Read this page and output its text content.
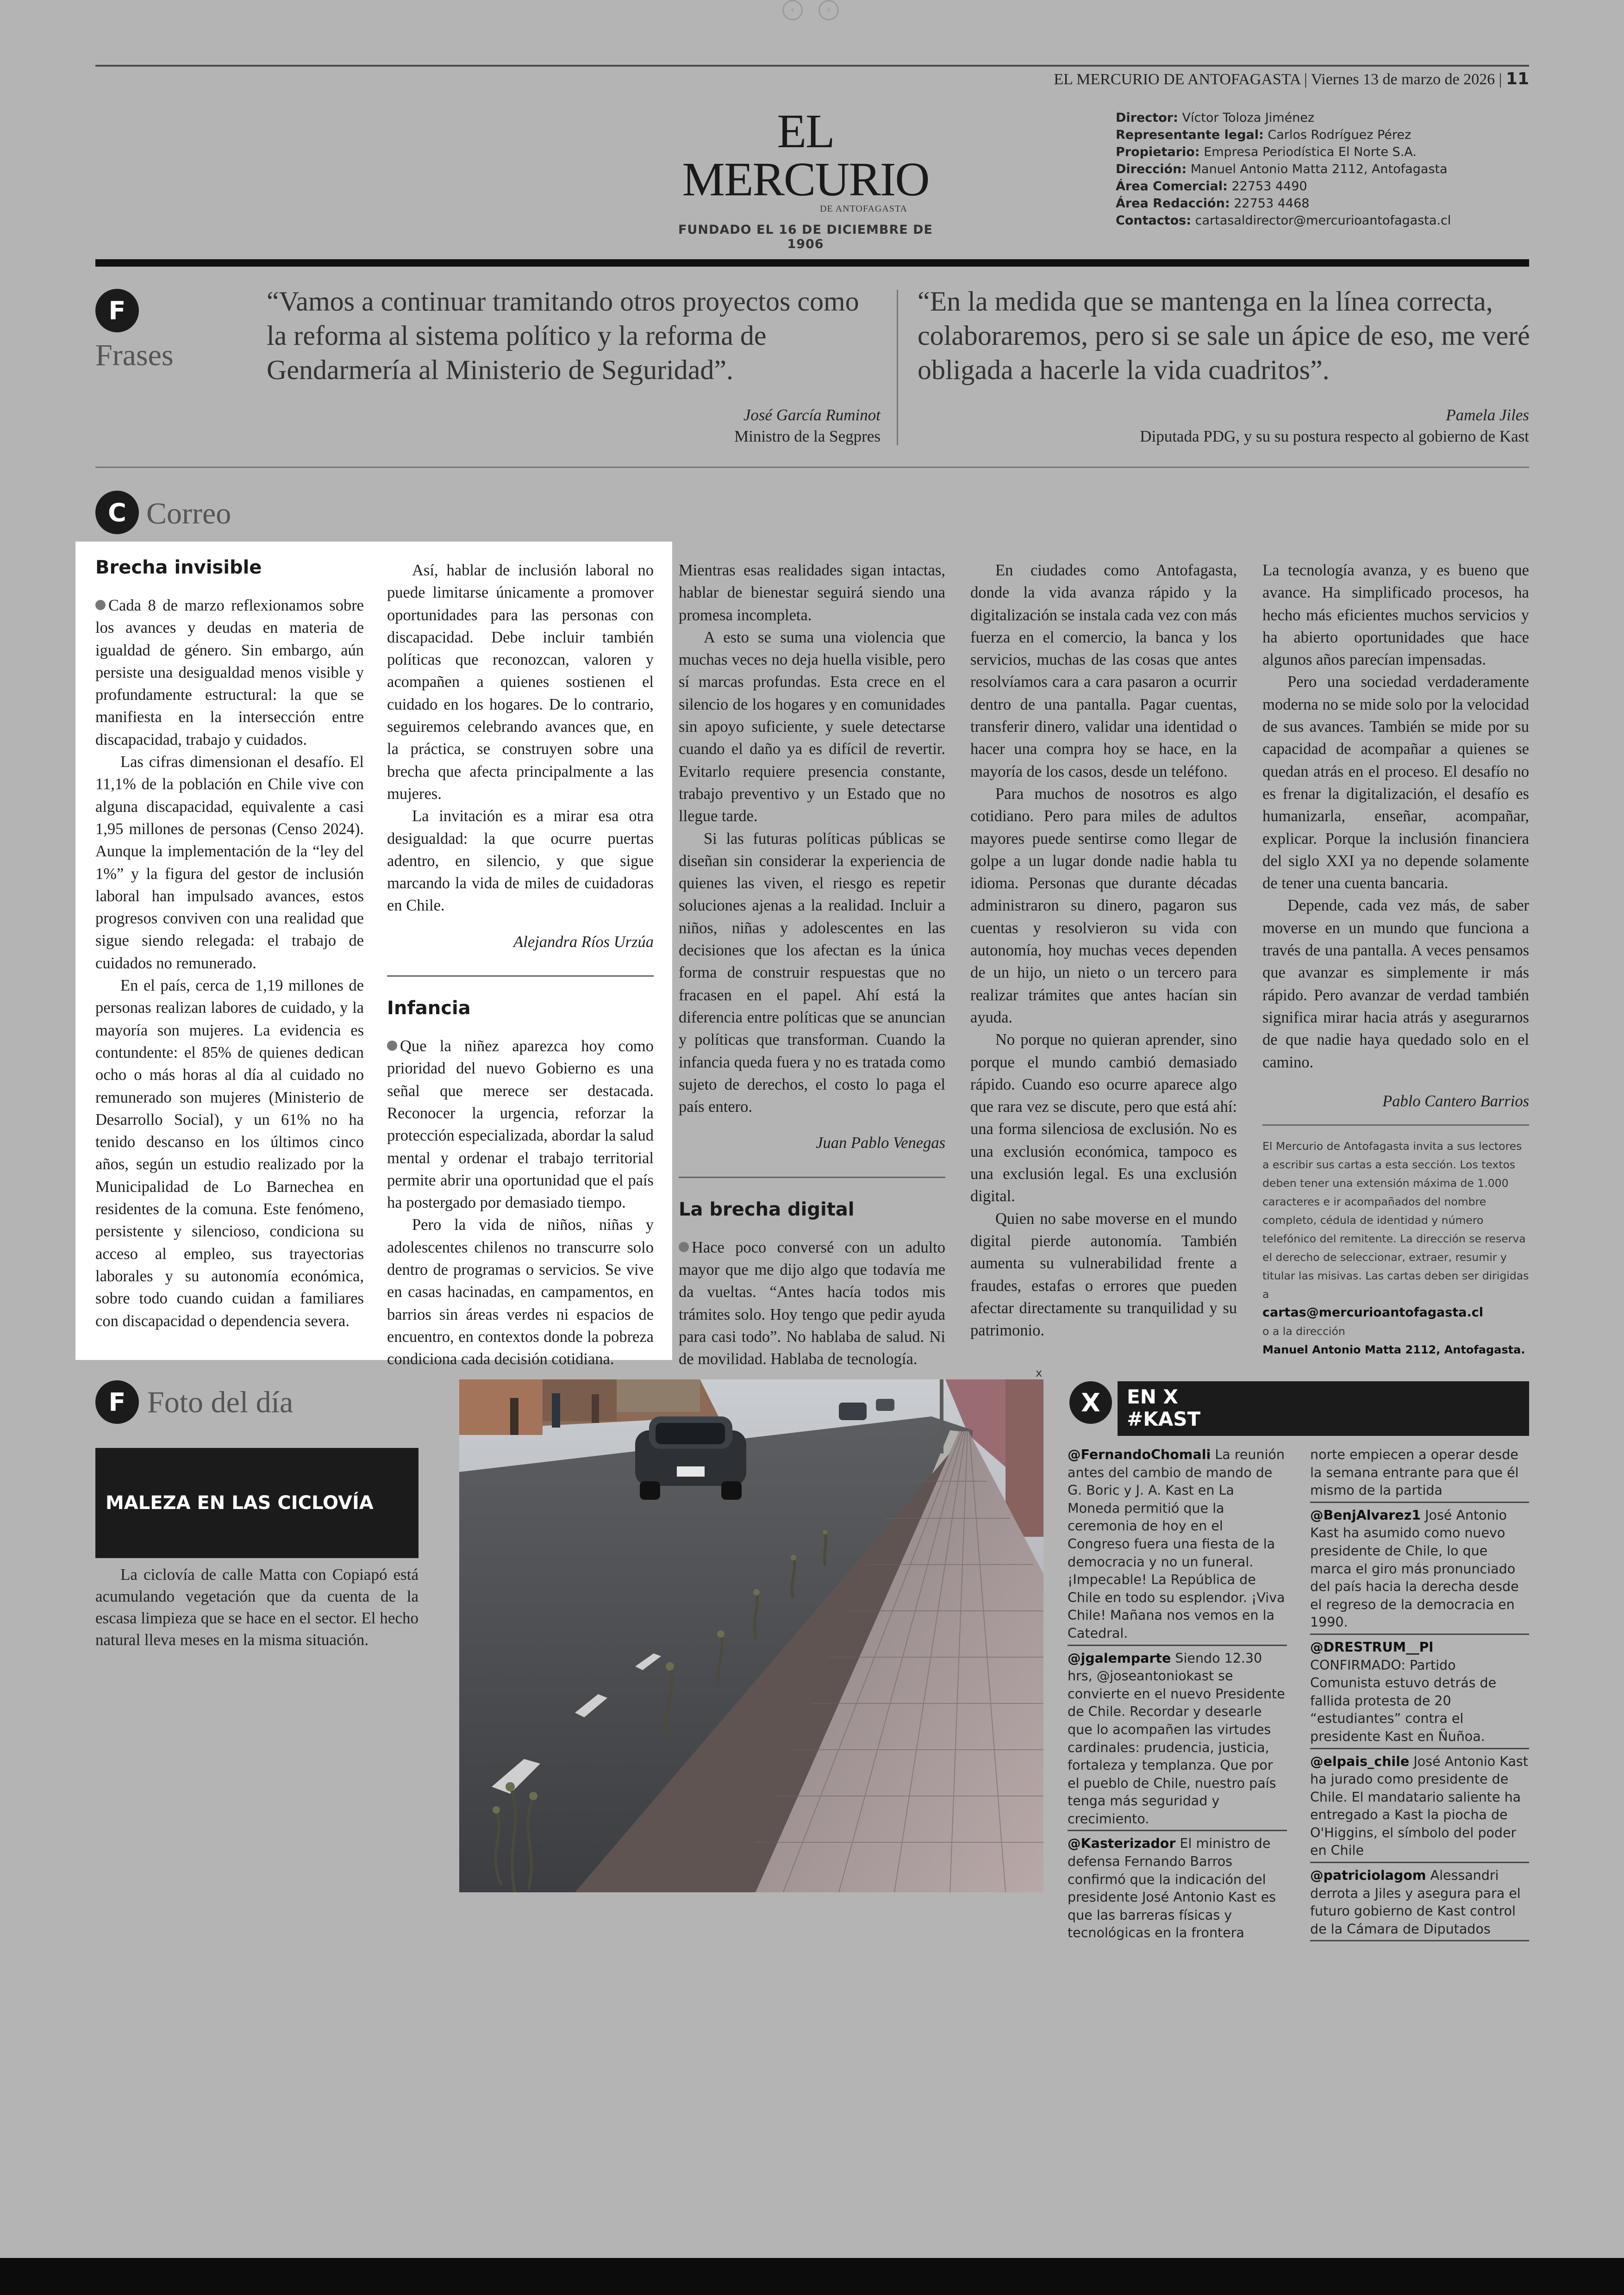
‹	›
EL MERCURIO DE ANTOFAGASTA | Viernes 13 de marzo de 2026 | 11
EL MERCURIO
DE ANTOFAGASTA
FUNDADO EL 16 DE DICIEMBRE DE 1906
Director: Víctor Toloza Jiménez
Representante legal: Carlos Rodríguez Pérez
Propietario: Empresa Periodística El Norte S.A.
Dirección: Manuel Antonio Matta 2112, Antofagasta
Área Comercial: 22753 4490
Área Redacción: 22753 4468
Contactos: cartasaldirector@mercurioantofagasta.cl
F
Frases
“Vamos a continuar tramitando otros proyectos como la reforma al sistema político y la reforma de Gendarmería al Ministerio de Seguridad”.
José García Ruminot
Ministro de la Segpres
“En la medida que se mantenga en la línea correcta, colaboraremos, pero si se sale un ápice de eso, me veré obligada a hacerle la vida cuadritos”.
Pamela Jiles
Diputada PDG, y su su postura respecto al gobierno de Kast
C Correo
Brecha invisible

Cada 8 de marzo reflexionamos sobre los avances y deudas en materia de igualdad de género. Sin embargo, aún persiste una desigualdad menos visible y profundamente estructural: la que se manifiesta en la intersección entre discapacidad, trabajo y cuidados.

Las cifras dimensionan el desafío. El 11,1% de la población en Chile vive con alguna discapacidad, equivalente a casi 1,95 millones de personas (Censo 2024). Aunque la implementación de la “ley del 1%” y la figura del gestor de inclusión laboral han impulsado avances, estos progresos conviven con una realidad que sigue siendo relegada: el trabajo de cuidados no remunerado.

En el país, cerca de 1,19 millones de personas realizan labores de cuidado, y la mayoría son mujeres. La evidencia es contundente: el 85% de quienes dedican ocho o más horas al día al cuidado no remunerado son mujeres (Ministerio de Desarrollo Social), y un 61% no ha tenido descanso en los últimos cinco años, según un estudio realizado por la Municipalidad de Lo Barnechea en residentes de la comuna. Este fenómeno, persistente y silencioso, condiciona su acceso al empleo, sus trayectorias laborales y su autonomía económica, sobre todo cuando cuidan a familiares con discapacidad o dependencia severa.

Así, hablar de inclusión laboral no puede limitarse únicamente a promover oportunidades para las personas con discapacidad. Debe incluir también políticas que reconozcan, valoren y acompañen a quienes sostienen el cuidado en los hogares. De lo contrario, seguiremos celebrando avances que, en la práctica, se construyen sobre una brecha que afecta principalmente a las mujeres.

La invitación es a mirar esa otra desigualdad: la que ocurre puertas adentro, en silencio, y que sigue marcando la vida de miles de cuidadoras en Chile.

Alejandra Ríos Urzúa
Infancia

Que la niñez aparezca hoy como prioridad del nuevo Gobierno es una señal que merece ser destacada. Reconocer la urgencia, reforzar la protección especializada, abordar la salud mental y ordenar el trabajo territorial permite abrir una oportunidad que el país ha postergado por demasiado tiempo.

Pero la vida de niños, niñas y adolescentes chilenos no transcurre solo dentro de programas o servicios. Se vive en casas hacinadas, en campamentos, en barrios sin áreas verdes ni espacios de encuentro, en contextos donde la pobreza condiciona cada decisión cotidiana.

Mientras esas realidades sigan intactas, hablar de bienestar seguirá siendo una promesa incompleta.

A esto se suma una violencia que muchas veces no deja huella visible, pero sí marcas profundas. Esta crece en el silencio de los hogares y en comunidades sin apoyo suficiente, y suele detectarse cuando el daño ya es difícil de revertir. Evitarlo requiere presencia constante, trabajo preventivo y un Estado que no llegue tarde.

Si las futuras políticas públicas se diseñan sin considerar la experiencia de quienes las viven, el riesgo es repetir soluciones ajenas a la realidad. Incluir a niños, niñas y adolescentes en las decisiones que los afectan es la única forma de construir respuestas que no fracasen en el papel. Ahí está la diferencia entre políticas que se anuncian y políticas que transforman. Cuando la infancia queda fuera y no es tratada como sujeto de derechos, el costo lo paga el país entero.

Juan Pablo Venegas
La brecha digital

Hace poco conversé con un adulto mayor que me dijo algo que todavía me da vueltas. “Antes hacía todos mis trámites solo. Hoy tengo que pedir ayuda para casi todo”. No hablaba de salud. Ni de movilidad. Hablaba de tecnología.

En ciudades como Antofagasta, donde la vida avanza rápido y la digitalización se instala cada vez con más fuerza en el comercio, la banca y los servicios, muchas de las cosas que antes resolvíamos cara a cara pasaron a ocurrir dentro de una pantalla. Pagar cuentas, transferir dinero, validar una identidad o hacer una compra hoy se hace, en la mayoría de los casos, desde un teléfono.

Para muchos de nosotros es algo cotidiano. Pero para miles de adultos mayores puede sentirse como llegar de golpe a un lugar donde nadie habla tu idioma. Personas que durante décadas administraron su dinero, pagaron sus cuentas y resolvieron su vida con autonomía, hoy muchas veces dependen de un hijo, un nieto o un tercero para realizar trámites que antes hacían sin ayuda.

No porque no quieran aprender, sino porque el mundo cambió demasiado rápido. Cuando eso ocurre aparece algo que rara vez se discute, pero que está ahí: una forma silenciosa de exclusión. No es una exclusión económica, tampoco es una exclusión legal. Es una exclusión digital.

Quien no sabe moverse en el mundo digital pierde autonomía. También aumenta su vulnerabilidad frente a fraudes, estafas o errores que pueden afectar directamente su tranquilidad y su patrimonio.

La tecnología avanza, y es bueno que avance. Ha simplificado procesos, ha hecho más eficientes muchos servicios y ha abierto oportunidades que hace algunos años parecían impensadas.

Pero una sociedad verdaderamente moderna no se mide solo por la velocidad de sus avances. También se mide por su capacidad de acompañar a quienes se quedan atrás en el proceso. El desafío no es frenar la digitalización, el desafío es humanizarla, enseñar, acompañar, explicar. Porque la inclusión financiera del siglo XXI ya no depende solamente de tener una cuenta bancaria.

Depende, cada vez más, de saber moverse en un mundo que funciona a través de una pantalla. A veces pensamos que avanzar es simplemente ir más rápido. Pero avanzar de verdad también significa mirar hacia atrás y asegurarnos de que nadie haya quedado solo en el camino.

Pablo Cantero Barrios
El Mercurio de Antofagasta invita a sus lectores a escribir sus cartas a esta sección. Los textos deben tener una extensión máxima de 1.000 caracteres e ir acompañados del nombre completo, cédula de identidad y número telefónico del remitente. La dirección se reserva el derecho de seleccionar, extraer, resumir y titular las misivas. Las cartas deben ser dirigidas a
cartas@mercurioantofagasta.cl
o a la dirección
Manuel Antonio Matta 2112, Antofagasta.
F Foto del día
MALEZA EN LAS CICLOVÍA

La ciclovía de calle Matta con Copiapó está acumulando vegetación que da cuenta de la escasa limpieza que se hace en el sector. El hecho natural lleva meses en la misma situación.

x
X	EN X
#KAST
@FernandoChomali La reunión antes del cambio de mando de G. Boric y J. A. Kast en La Moneda permitió que la ceremonia de hoy en el Congreso fuera una fiesta de la democracia y no un funeral. ¡Impecable! La República de Chile en todo su esplendor. ¡Viva Chile! Mañana nos vemos en la Catedral.
@jgalemparte Siendo 12.30 hrs, @joseantoniokast se convierte en el nuevo Presidente de Chile. Recordar y desearle que lo acompañen las virtudes cardinales: prudencia, justicia, fortaleza y templanza. Que por el pueblo de Chile, nuestro país tenga más seguridad y crecimiento.
@Kasterizador El ministro de defensa Fernando Barros confirmó que la indicación del presidente José Antonio Kast es que las barreras físicas y tecnológicas en la frontera
norte empiecen a operar desde la semana entrante para que él mismo de la partida
@BenjAlvarez1 José Antonio Kast ha asumido como nuevo presidente de Chile, lo que marca el giro más pronunciado del país hacia la derecha desde el regreso de la democracia en 1990.
@DRESTRUM__Pl CONFIRMADO: Partido Comunista estuvo detrás de fallida protesta de 20 “estudiantes” contra el presidente Kast en Ñuñoa.
@elpais_chile José Antonio Kast ha jurado como presidente de Chile. El mandatario saliente ha entregado a Kast la piocha de O'Higgins, el símbolo del poder en Chile
@patriciolagom Alessandri derrota a Jiles y asegura para el futuro gobierno de Kast control de la Cámara de Diputados
